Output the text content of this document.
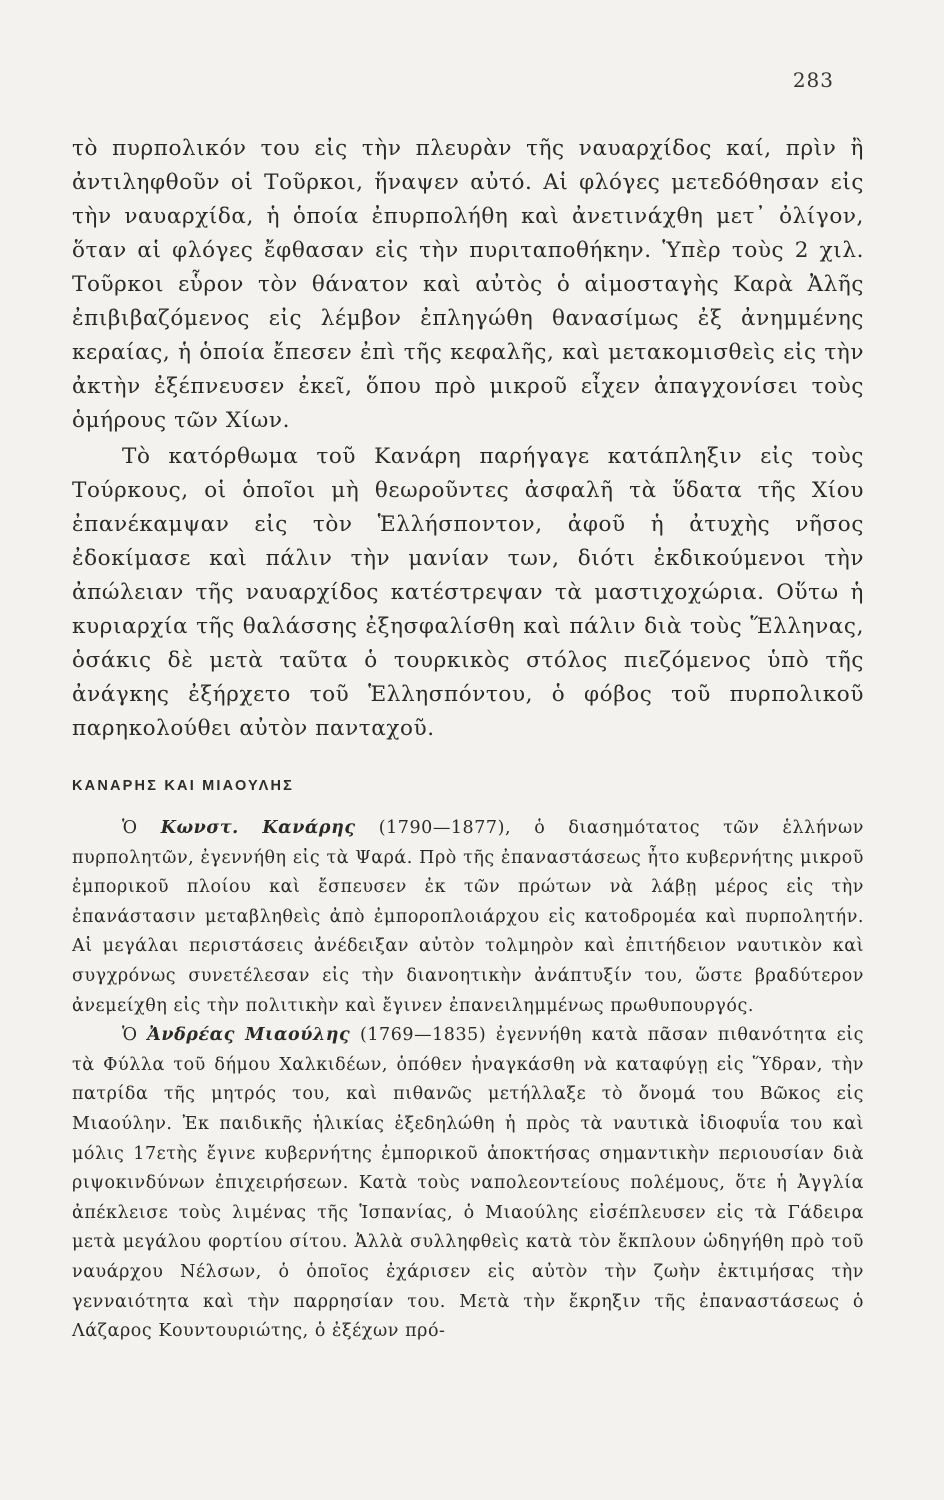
283

τὸ πυρπολικόν του εἰς τὴν πλευρὰν τῆς ναυαρχίδος καί, πρὶν ἢ ἀντιληφθοῦν οἱ Τοῦρκοι, ἥναψεν αὐτό. Αἱ φλόγες μετεδόθησαν εἰς τὴν ναυαρχίδα, ἡ ὁποία ἐπυρπολήθη καὶ ἀνετινάχθη μετ᾽ ὀλίγον, ὅταν αἱ φλόγες ἔφθασαν εἰς τὴν πυριταποθήκην. Ὑπὲρ τοὺς 2 χιλ. Τοῦρκοι εὗρον τὸν θάνατον καὶ αὐτὸς ὁ αἱμοσταγὴς Καρὰ Ἀλῆς ἐπιβιβαζόμενος εἰς λέμβον ἐπληγώθη θανασίμως ἐξ ἀνημμένης κεραίας, ἡ ὁποία ἔπεσεν ἐπὶ τῆς κεφαλῆς, καὶ μετακομισθεὶς εἰς τὴν ἀκτὴν ἐξέπνευσεν ἐκεῖ, ὅπου πρὸ μικροῦ εἶχεν ἀπαγχονίσει τοὺς ὁμήρους τῶν Χίων.

Τὸ κατόρθωμα τοῦ Κανάρη παρήγαγε κατάπληξιν εἰς τοὺς Τούρκους, οἱ ὁποῖοι μὴ θεωροῦντες ἀσφαλῆ τὰ ὕδατα τῆς Χίου ἐπανέκαμψαν εἰς τὸν Ἑλλήσποντον, ἀφοῦ ἡ ἀτυχὴς νῆσος ἐδοκίμασε καὶ πάλιν τὴν μανίαν των, διότι ἐκδικούμενοι τὴν ἀπώλειαν τῆς ναυαρχίδος κατέστρεψαν τὰ μαστιχοχώρια. Οὕτω ἡ κυριαρχία τῆς θαλάσσης ἐξησφαλίσθη καὶ πάλιν διὰ τοὺς Ἕλληνας, ὁσάκις δὲ μετὰ ταῦτα ὁ τουρκικὸς στόλος πιεζόμενος ὑπὸ τῆς ἀνάγκης ἐξήρχετο τοῦ Ἑλλησπόντου, ὁ φόβος τοῦ πυρπολικοῦ παρηκολούθει αὐτὸν πανταχοῦ.

ΚΑΝΑΡΗΣ ΚΑΙ ΜΙΑΟΥΛΗΣ

Ὁ Κωνστ. Κανάρης (1790—1877), ὁ διασημότατος τῶν ἑλλήνων πυρπολητῶν, ἐγεννήθη εἰς τὰ Ψαρά. Πρὸ τῆς ἐπαναστάσεως ἦτο κυβερνήτης μικροῦ ἐμπορικοῦ πλοίου καὶ ἔσπευσεν ἐκ τῶν πρώτων νὰ λάβῃ μέρος εἰς τὴν ἐπανάστασιν μεταβληθεὶς ἀπὸ ἐμποροπλοιάρχου εἰς κατοδρομέα καὶ πυρπολητήν. Αἱ μεγάλαι περιστάσεις ἀνέδειξαν αὐτὸν τολμηρὸν καὶ ἐπιτήδειον ναυτικὸν καὶ συγχρόνως συνετέλεσαν εἰς τὴν διανοητικὴν ἀνάπτυξίν του, ὥστε βραδύτερον ἀνεμείχθη εἰς τὴν πολιτικὴν καὶ ἔγινεν ἐπανειλημμένως πρωθυπουργός.

Ὁ Ἀνδρέας Μιαούλης (1769—1835) ἐγεννήθη κατὰ πᾶσαν πιθανότητα εἰς τὰ Φύλλα τοῦ δήμου Χαλκιδέων, ὁπόθεν ἠναγκάσθη νὰ καταφύγῃ εἰς Ὕδραν, τὴν πατρίδα τῆς μητρός του, καὶ πιθανῶς μετήλλαξε τὸ ὄνομά του Βῶκος εἰς Μιαούλην. Ἐκ παιδικῆς ἡλικίας ἐξεδηλώθη ἡ πρὸς τὰ ναυτικὰ ἰδιοφυΐα του καὶ μόλις 17ετὴς ἔγινε κυβερνήτης ἐμπορικοῦ ἀποκτήσας σημαντικὴν περιουσίαν διὰ ριψοκινδύνων ἐπιχειρήσεων. Κατὰ τοὺς ναπολεοντείους πολέμους, ὅτε ἡ Ἀγγλία ἀπέκλεισε τοὺς λιμένας τῆς Ἱσπανίας, ὁ Μιαούλης εἰσέπλευσεν εἰς τὰ Γάδειρα μετὰ μεγάλου φορτίου σίτου. Ἀλλὰ συλληφθεὶς κατὰ τὸν ἔκπλουν ὡδηγήθη πρὸ τοῦ ναυάρχου Νέλσων, ὁ ὁποῖος ἐχάρισεν εἰς αὐτὸν τὴν ζωὴν ἐκτιμήσας τὴν γενναιότητα καὶ τὴν παρρησίαν του. Μετὰ τὴν ἔκρηξιν τῆς ἐπαναστάσεως ὁ Λάζαρος Κουντουριώτης, ὁ ἐξέχων πρό-
